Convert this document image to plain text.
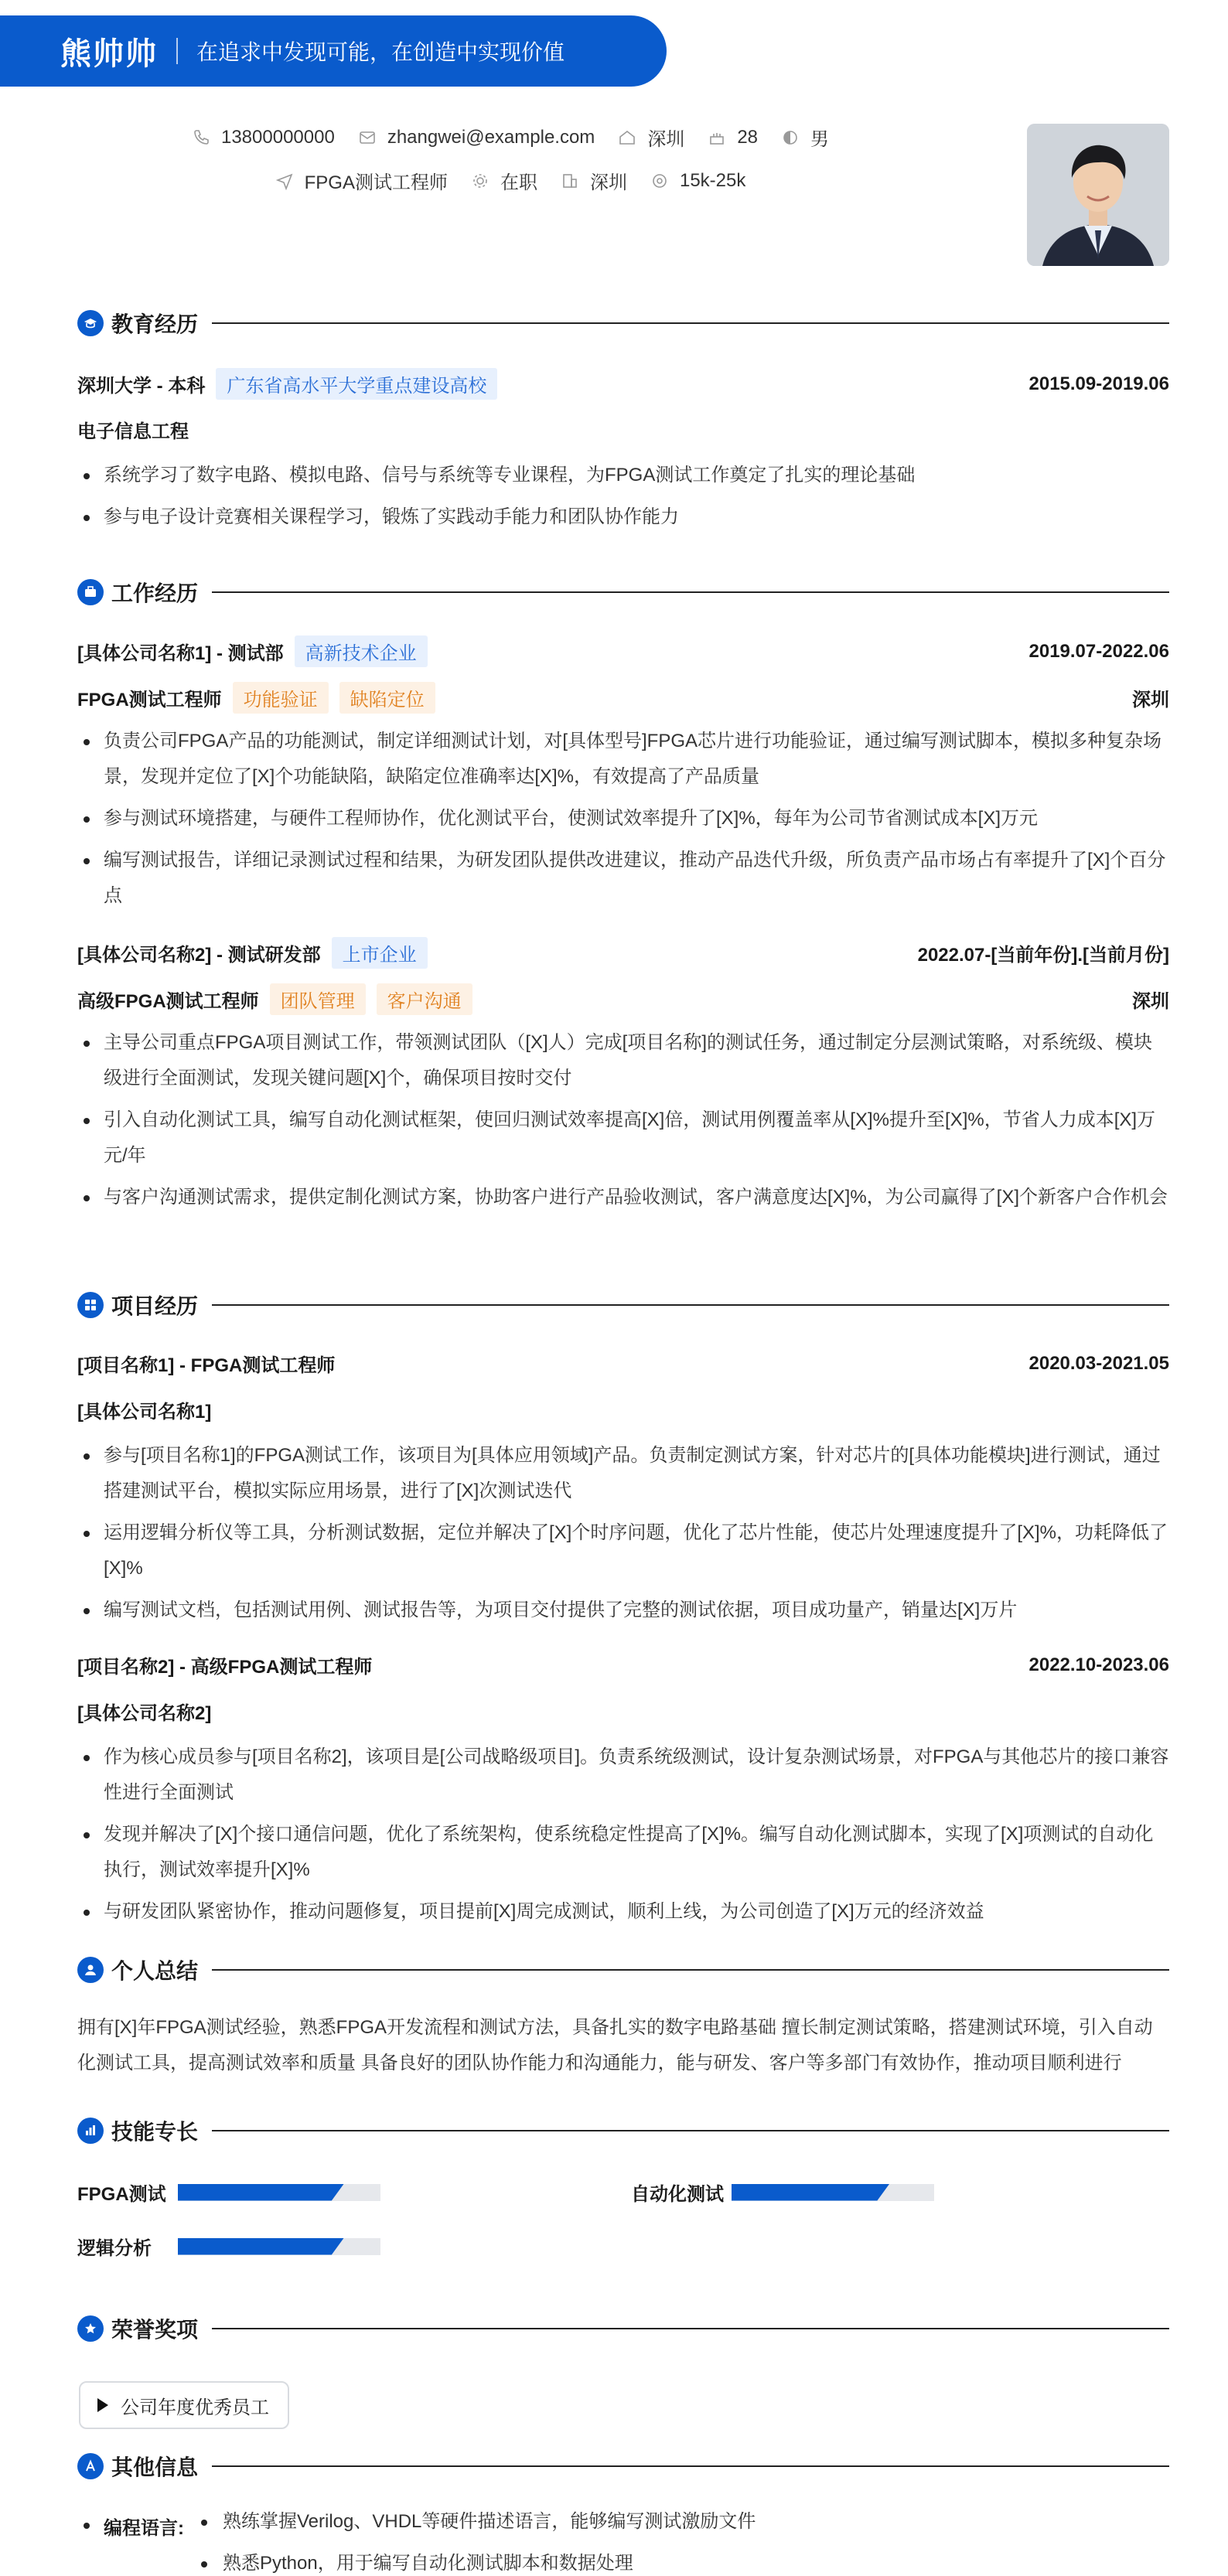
熊帅帅 在追求中发现可能，在创造中实现价值
13800000000	zhangwei@example.com	深圳	28	男
FPGA测试工程师	在职	深圳	15k-25k
教育经历
深圳大学 - 本科	广东省高水平大学重点建设高校	2015.09-2019.06
电子信息工程
系统学习了数字电路、模拟电路、信号与系统等专业课程，为FPGA测试工作奠定了扎实的理论基础
参与电子设计竞赛相关课程学习，锻炼了实践动手能力和团队协作能力
工作经历
[具体公司名称1] - 测试部	高新技术企业	2019.07-2022.06
FPGA测试工程师	功能验证	缺陷定位	深圳
负责公司FPGA产品的功能测试，制定详细测试计划，对[具体型号]FPGA芯片进行功能验证，通过编写测试脚本，模拟多种复杂场景，发现并定位了[X]个功能缺陷，缺陷定位准确率达[X]%，有效提高了产品质量
参与测试环境搭建，与硬件工程师协作，优化测试平台，使测试效率提升了[X]%，每年为公司节省测试成本[X]万元
编写测试报告，详细记录测试过程和结果，为研发团队提供改进建议，推动产品迭代升级，所负责产品市场占有率提升了[X]个百分点
[具体公司名称2] - 测试研发部	上市企业	2022.07-[当前年份].[当前月份]
高级FPGA测试工程师	团队管理	客户沟通	深圳
主导公司重点FPGA项目测试工作，带领测试团队（[X]人）完成[项目名称]的测试任务，通过制定分层测试策略，对系统级、模块级进行全面测试，发现关键问题[X]个，确保项目按时交付
引入自动化测试工具，编写自动化测试框架，使回归测试效率提高[X]倍，测试用例覆盖率从[X]%提升至[X]%，节省人力成本[X]万元/年
与客户沟通测试需求，提供定制化测试方案，协助客户进行产品验收测试，客户满意度达[X]%，为公司赢得了[X]个新客户合作机会
项目经历
[项目名称1] - FPGA测试工程师	2020.03-2021.05
[具体公司名称1]
参与[项目名称1]的FPGA测试工作，该项目为[具体应用领域]产品。负责制定测试方案，针对芯片的[具体功能模块]进行测试，通过搭建测试平台，模拟实际应用场景，进行了[X]次测试迭代
运用逻辑分析仪等工具，分析测试数据，定位并解决了[X]个时序问题，优化了芯片性能，使芯片处理速度提升了[X]%，功耗降低了[X]%
编写测试文档，包括测试用例、测试报告等，为项目交付提供了完整的测试依据，项目成功量产，销量达[X]万片
[项目名称2] - 高级FPGA测试工程师	2022.10-2023.06
[具体公司名称2]
作为核心成员参与[项目名称2]，该项目是[公司战略级项目]。负责系统级测试，设计复杂测试场景，对FPGA与其他芯片的接口兼容性进行全面测试
发现并解决了[X]个接口通信问题，优化了系统架构，使系统稳定性提高了[X]%。编写自动化测试脚本，实现了[X]项测试的自动化执行，测试效率提升[X]%
与研发团队紧密协作，推动问题修复，项目提前[X]周完成测试，顺利上线，为公司创造了[X]万元的经济效益
个人总结
拥有[X]年FPGA测试经验，熟悉FPGA开发流程和测试方法，具备扎实的数字电路基础 擅长制定测试策略，搭建测试环境，引入自动化测试工具，提高测试效率和质量 具备良好的团队协作能力和沟通能力，能与研发、客户等多部门有效协作，推动项目顺利进行
技能专长
FPGA测试	自动化测试
逻辑分析
荣誉奖项
公司年度优秀员工
其他信息
编程语言:	熟练掌握Verilog、VHDL等硬件描述语言，能够编写测试激励文件
熟悉Python，用于编写自动化测试脚本和数据处理
